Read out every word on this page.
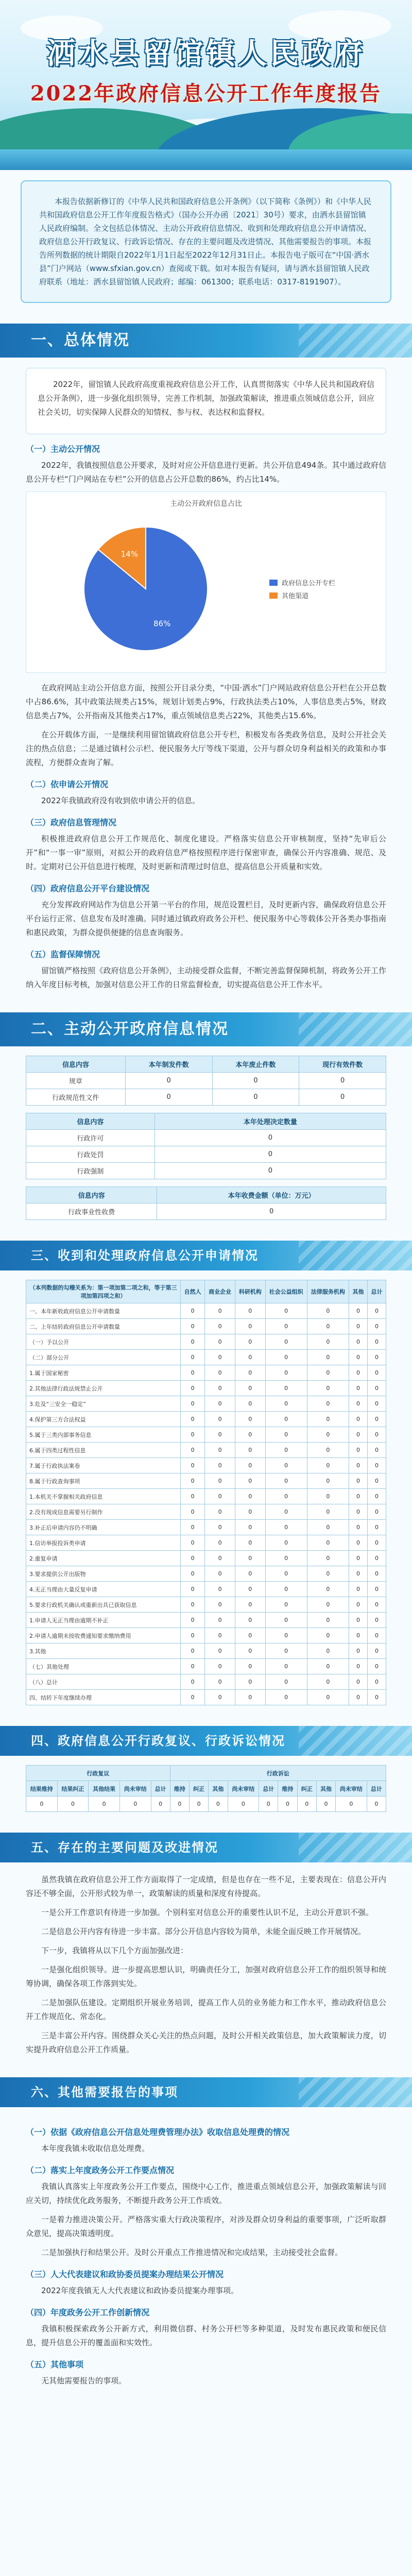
洒水县留馆镇人民政府
2022年政府信息公开工作年度报告
本报告依据新修订的《中华人民共和国政府信息公开条例》（以下简称《条例》）和《中华人民共和国政府信息公开工作年度报告格式》（国办公开办函〔2021〕30号）要求，由洒水县留馆镇人民政府编制。全文包括总体情况、主动公开政府信息情况、收到和处理政府信息公开申请情况、政府信息公开行政复议、行政诉讼情况、存在的主要问题及改进情况、其他需要报告的事项。本报告所列数据的统计期限自2022年1月1日起至2022年12月31日止。本报告电子版可在“中国·洒水县”门户网站（www.sfxian.gov.cn）查阅或下载。如对本报告有疑问，请与洒水县留馆镇人民政府联系（地址：洒水县留馆镇人民政府；邮编：061300；联系电话：0317-8191907）。
一、总体情况
2022年，留馆镇人民政府高度重视政府信息公开工作，认真贯彻落实《中华人民共和国政府信息公开条例》，进一步强化组织领导，完善工作机制，加强政策解读，推进重点领域信息公开，回应社会关切，切实保障人民群众的知情权、参与权、表达权和监督权。
（一）主动公开情况
2022年，我镇按照信息公开要求，及时对应公开信息进行更新。共公开信息494条。其中通过政府信息公开专栏“门户网站在专栏”公开的信息占公开总数的86%，约占比14%。
主动公开政府信息占比
86%
14%
政府信息公开专栏
其他渠道
在政府网站主动公开信息方面，按照公开目录分类，“中国·洒水”门户网站政府信息公开栏在公开总数中占86.6%，其中政策法规类占15%，规划计划类占9%，行政执法类占10%，人事信息类占5%，财政信息类占7%，公开指南及其他类占17%，重点领域信息类占22%，其他类占15.6%。
在公开载体方面，一是继续利用留馆镇政府信息公开专栏，积极发布各类政务信息，及时公开社会关注的热点信息；二是通过镇村公示栏、便民服务大厅等线下渠道，公开与群众切身利益相关的政策和办事流程，方便群众查询了解。
（二）依申请公开情况
2022年我镇政府没有收到依申请公开的信息。
（三）政府信息管理情况
积极推进政府信息公开工作规范化、制度化建设。严格落实信息公开审核制度，坚持“先审后公开”和“一事一审”原则，对拟公开的政府信息严格按照程序进行保密审查，确保公开内容准确、规范、及时。定期对已公开信息进行梳理，及时更新和清理过时信息，提高信息公开质量和实效。
（四）政府信息公开平台建设情况
充分发挥政府网站作为信息公开第一平台的作用，规范设置栏目，及时更新内容，确保政府信息公开平台运行正常、信息发布及时准确。同时通过镇政府政务公开栏、便民服务中心等载体公开各类办事指南和惠民政策，为群众提供便捷的信息查询服务。
（五）监督保障情况
留馆镇严格按照《政府信息公开条例》，主动接受群众监督，不断完善监督保障机制，将政务公开工作纳入年度目标考核，加强对信息公开工作的日常监督检查，切实提高信息公开工作水平。
二、主动公开政府信息情况
信息内容	本年制发件数	本年废止件数	现行有效件数
规章	0	0	0
行政规范性文件	0	0	0
信息内容	本年处理决定数量
行政许可	0
行政处罚	0
行政强制	0
信息内容	本年收费金额（单位：万元）
行政事业性收费	0
三、收到和处理政府信息公开申请情况
（本列数据的勾稽关系为：第一项加第二项之和，等于第三项加第四项之和）	自然人	商业企业	科研机构	社会公益组织	法律服务机构	其他	总计
一、本年新收政府信息公开申请数量	0	0	0	0	0	0	0
二、上年结转政府信息公开申请数量	0	0	0	0	0	0	0
（一）予以公开	0	0	0	0	0	0	0
（二）部分公开	0	0	0	0	0	0	0
1.属于国家秘密	0	0	0	0	0	0	0
2.其他法律行政法规禁止公开	0	0	0	0	0	0	0
3.危及“三安全一稳定”	0	0	0	0	0	0	0
4.保护第三方合法权益	0	0	0	0	0	0	0
5.属于三类内部事务信息	0	0	0	0	0	0	0
6.属于四类过程性信息	0	0	0	0	0	0	0
7.属于行政执法案卷	0	0	0	0	0	0	0
8.属于行政查询事项	0	0	0	0	0	0	0
1.本机关不掌握相关政府信息	0	0	0	0	0	0	0
2.没有现成信息需要另行制作	0	0	0	0	0	0	0
3.补正后申请内容仍不明确	0	0	0	0	0	0	0
1.信访举报投诉类申请	0	0	0	0	0	0	0
2.重复申请	0	0	0	0	0	0	0
3.要求提供公开出版物	0	0	0	0	0	0	0
4.无正当理由大量反复申请	0	0	0	0	0	0	0
5.要求行政机关确认或重新出具已获取信息	0	0	0	0	0	0	0
1.申请人无正当理由逾期不补正	0	0	0	0	0	0	0
2.申请人逾期未按收费通知要求缴纳费用	0	0	0	0	0	0	0
3.其他	0	0	0	0	0	0	0
（七）其他处理	0	0	0	0	0	0	0
（八）总计	0	0	0	0	0	0	0
四、结转下年度继续办理	0	0	0	0	0	0	0
四、政府信息公开行政复议、行政诉讼情况
行政复议					行政诉讼									
结果维持	结果纠正	其他结果	尚未审结	总计	维持	纠正	其他	尚未审结	总计	维持	纠正	其他	尚未审结	总计
0	0	0	0	0	0	0	0	0	0	0	0	0	0	0
五、存在的主要问题及改进情况
虽然我镇在政府信息公开工作方面取得了一定成绩，但是也存在一些不足，主要表现在：信息公开内容还不够全面，公开形式较为单一，政策解读的质量和深度有待提高。
一是公开工作意识有待进一步加强。个别科室对信息公开的重要性认识不足，主动公开意识不强。
二是信息公开内容有待进一步丰富。部分公开信息内容较为简单，未能全面反映工作开展情况。
下一步，我镇将从以下几个方面加强改进：
一是强化组织领导。进一步提高思想认识，明确责任分工，加强对政府信息公开工作的组织领导和统筹协调，确保各项工作落到实处。
二是加强队伍建设。定期组织开展业务培训，提高工作人员的业务能力和工作水平，推动政府信息公开工作规范化、常态化。
三是丰富公开内容。围绕群众关心关注的热点问题，及时公开相关政策信息，加大政策解读力度，切实提升政府信息公开工作质量。
六、其他需要报告的事项
（一）依据《政府信息公开信息处理费管理办法》收取信息处理费的情况
本年度我镇未收取信息处理费。
（二）落实上年度政务公开工作要点情况
我镇认真落实上年度政务公开工作要点，围绕中心工作，推进重点领域信息公开，加强政策解读与回应关切，持续优化政务服务，不断提升政务公开工作质效。
一是着力推进决策公开。严格落实重大行政决策程序，对涉及群众切身利益的重要事项，广泛听取群众意见，提高决策透明度。
二是加强执行和结果公开。及时公开重点工作推进情况和完成结果，主动接受社会监督。
（三）人大代表建议和政协委员提案办理结果公开情况
2022年度我镇无人大代表建议和政协委员提案办理事项。
（四）年度政务公开工作创新情况
我镇积极探索政务公开新方式，利用微信群、村务公开栏等多种渠道，及时发布惠民政策和便民信息，提升信息公开的覆盖面和实效性。
（五）其他事项
无其他需要报告的事项。
